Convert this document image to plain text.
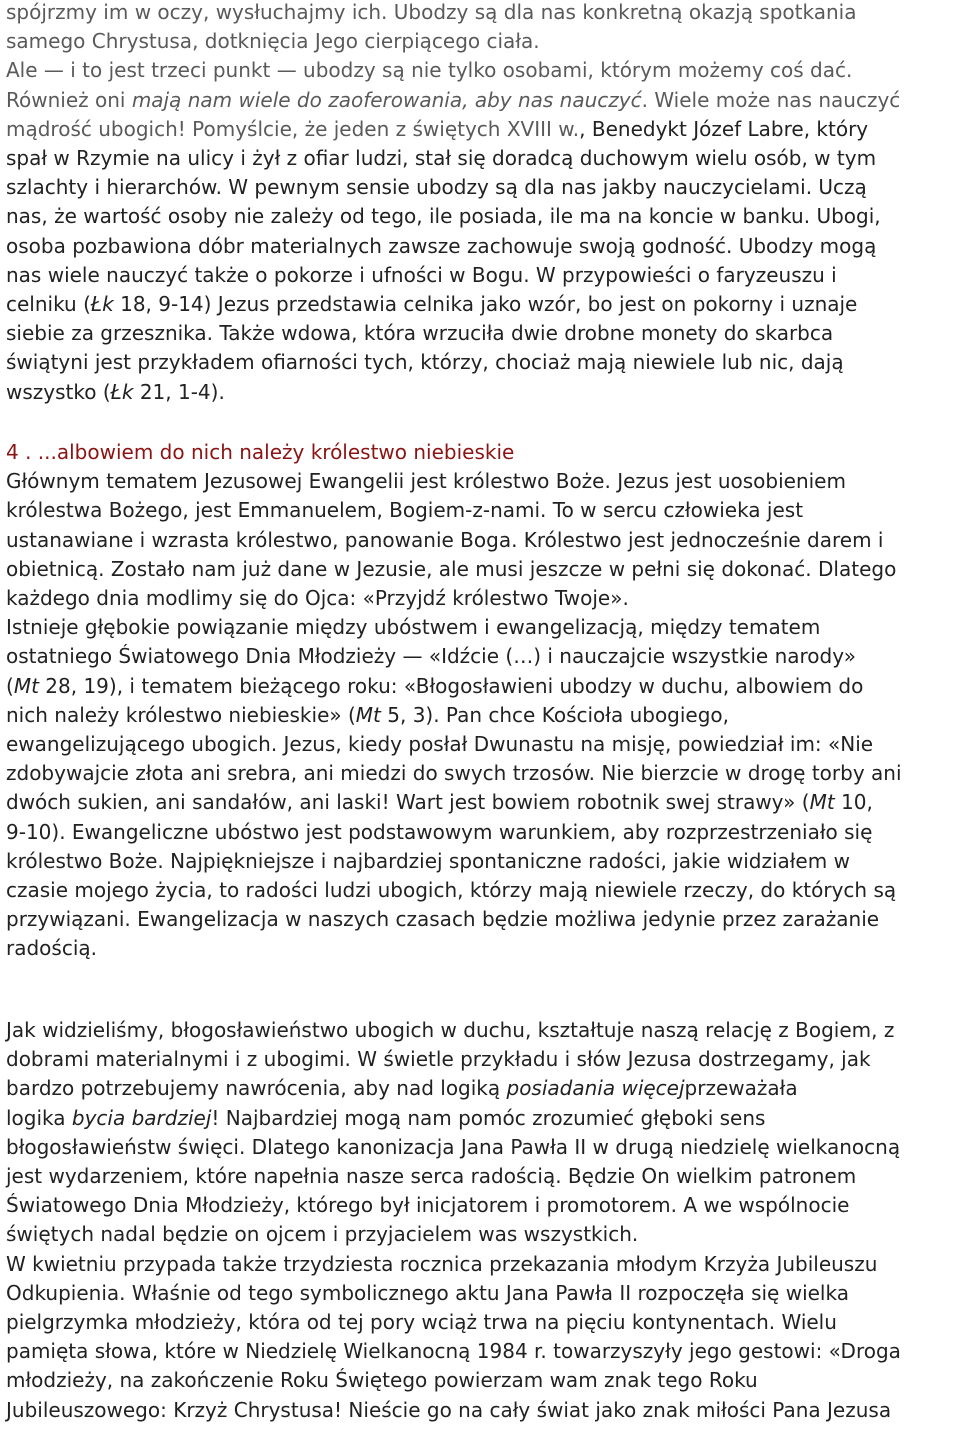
spójrzmy im w oczy, wysłuchajmy ich. Ubodzy są dla nas konkretną okazją spotkania
samego Chrystusa, dotknięcia Jego cierpiącego ciała.
Ale — i to jest trzeci punkt — ubodzy są nie tylko osobami, którym możemy coś dać.
Również oni mają nam wiele do zaoferowania, aby nas nauczyć. Wiele może nas nauczyć
mądrość ubogich! Pomyślcie, że jeden z świętych XVIII w., Benedykt Józef Labre, który
spał w Rzymie na ulicy i żył z ofiar ludzi, stał się doradcą duchowym wielu osób, w tym
szlachty i hierarchów. W pewnym sensie ubodzy są dla nas jakby nauczycielami. Uczą
nas, że wartość osoby nie zależy od tego, ile posiada, ile ma na koncie w banku. Ubogi,
osoba pozbawiona dóbr materialnych zawsze zachowuje swoją godność. Ubodzy mogą
nas wiele nauczyć także o pokorze i ufności w Bogu. W przypowieści o faryzeuszu i
celniku (Łk 18, 9-14) Jezus przedstawia celnika jako wzór, bo jest on pokorny i uznaje
siebie za grzesznika. Także wdowa, która wrzuciła dwie drobne monety do skarbca
świątyni jest przykładem ofiarności tych, którzy, chociaż mają niewiele lub nic, dają
wszystko (Łk 21, 1-4).
4 . ...albowiem do nich należy królestwo niebieskie
Głównym tematem Jezusowej Ewangelii jest królestwo Boże. Jezus jest uosobieniem
królestwa Bożego, jest Emmanuelem, Bogiem-z-nami. To w sercu człowieka jest
ustanawiane i wzrasta królestwo, panowanie Boga. Królestwo jest jednocześnie darem i
obietnicą. Zostało nam już dane w Jezusie, ale musi jeszcze w pełni się dokonać. Dlatego
każdego dnia modlimy się do Ojca: «Przyjdź królestwo Twoje».
Istnieje głębokie powiązanie między ubóstwem i ewangelizacją, między tematem
ostatniego Światowego Dnia Młodzieży — «Idźcie (…) i nauczajcie wszystkie narody»
(Mt 28, 19), i tematem bieżącego roku: «Błogosławieni ubodzy w duchu, albowiem do
nich należy królestwo niebieskie» (Mt 5, 3). Pan chce Kościoła ubogiego,
ewangelizującego ubogich. Jezus, kiedy posłał Dwunastu na misję, powiedział im: «Nie
zdobywajcie złota ani srebra, ani miedzi do swych trzosów. Nie bierzcie w drogę torby ani
dwóch sukien, ani sandałów, ani laski! Wart jest bowiem robotnik swej strawy» (Mt 10,
9-10). Ewangeliczne ubóstwo jest podstawowym warunkiem, aby rozprzestrzeniało się
królestwo Boże. Najpiękniejsze i najbardziej spontaniczne radości, jakie widziałem w
czasie mojego życia, to radości ludzi ubogich, którzy mają niewiele rzeczy, do których są
przywiązani. Ewangelizacja w naszych czasach będzie możliwa jedynie przez zarażanie
radością.
Jak widzieliśmy, błogosławieństwo ubogich w duchu, kształtuje naszą relację z Bogiem, z
dobrami materialnymi i z ubogimi. W świetle przykładu i słów Jezusa dostrzegamy, jak
bardzo potrzebujemy nawrócenia, aby nad logiką posiadania więcejprzeważała
logika bycia bardziej! Najbardziej mogą nam pomóc zrozumieć głęboki sens
błogosławieństw święci. Dlatego kanonizacja Jana Pawła II w drugą niedzielę wielkanocną
jest wydarzeniem, które napełnia nasze serca radością. Będzie On wielkim patronem
Światowego Dnia Młodzieży, którego był inicjatorem i promotorem. A we wspólnocie
świętych nadal będzie on ojcem i przyjacielem was wszystkich.
W kwietniu przypada także trzydziesta rocznica przekazania młodym Krzyża Jubileuszu
Odkupienia. Właśnie od tego symbolicznego aktu Jana Pawła II rozpoczęła się wielka
pielgrzymka młodzieży, która od tej pory wciąż trwa na pięciu kontynentach. Wielu
pamięta słowa, które w Niedzielę Wielkanocną 1984 r. towarzyszyły jego gestowi: «Droga
młodzieży, na zakończenie Roku Świętego powierzam wam znak tego Roku
Jubileuszowego: Krzyż Chrystusa! Nieście go na cały świat jako znak miłości Pana Jezusa
